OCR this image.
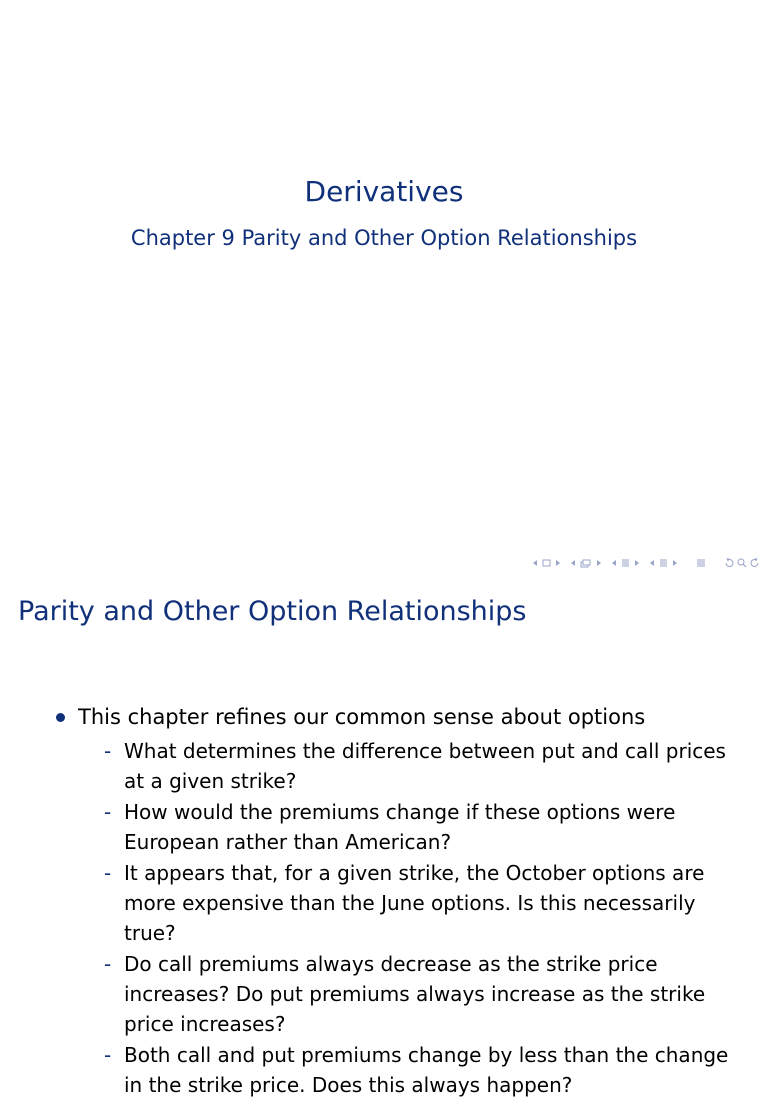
Derivatives
Chapter 9 Parity and Other Option Relationships
Parity and Other Option Relationships
This chapter refines our common sense about options
- What determines the difference between put and call prices at a given strike?
- How would the premiums change if these options were European rather than American?
- It appears that, for a given strike, the October options are more expensive than the June options. Is this necessarily true?
- Do call premiums always decrease as the strike price increases? Do put premiums always increase as the strike price increases?
- Both call and put premiums change by less than the change in the strike price. Does this always happen?
